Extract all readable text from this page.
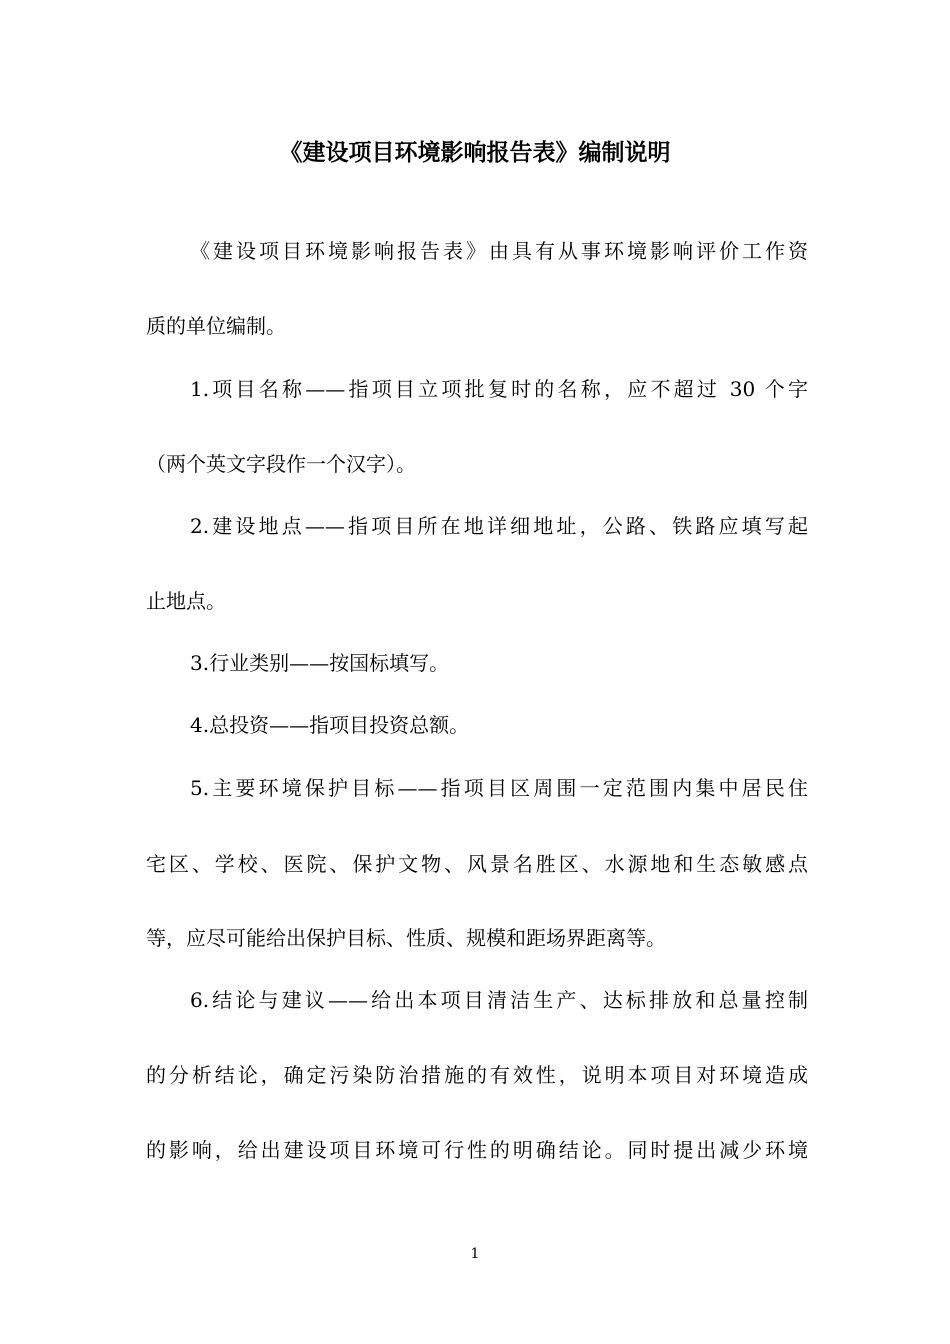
《建设项目环境影响报告表》编制说明
《建设项目环境影响报告表》由具有从事环境影响评价工作资
质的单位编制。
1.项目名称——指项目立项批复时的名称，应不超过 30 个字
（两个英文字段作一个汉字）。
2.建设地点——指项目所在地详细地址，公路、铁路应填写起
止地点。
3.行业类别——按国标填写。
4.总投资——指项目投资总额。
5.主要环境保护目标——指项目区周围一定范围内集中居民住
宅区、学校、医院、保护文物、风景名胜区、水源地和生态敏感点
等，应尽可能给出保护目标、性质、规模和距场界距离等。
6.结论与建议——给出本项目清洁生产、达标排放和总量控制
的分析结论，确定污染防治措施的有效性，说明本项目对环境造成
的影响，给出建设项目环境可行性的明确结论。同时提出减少环境
1
